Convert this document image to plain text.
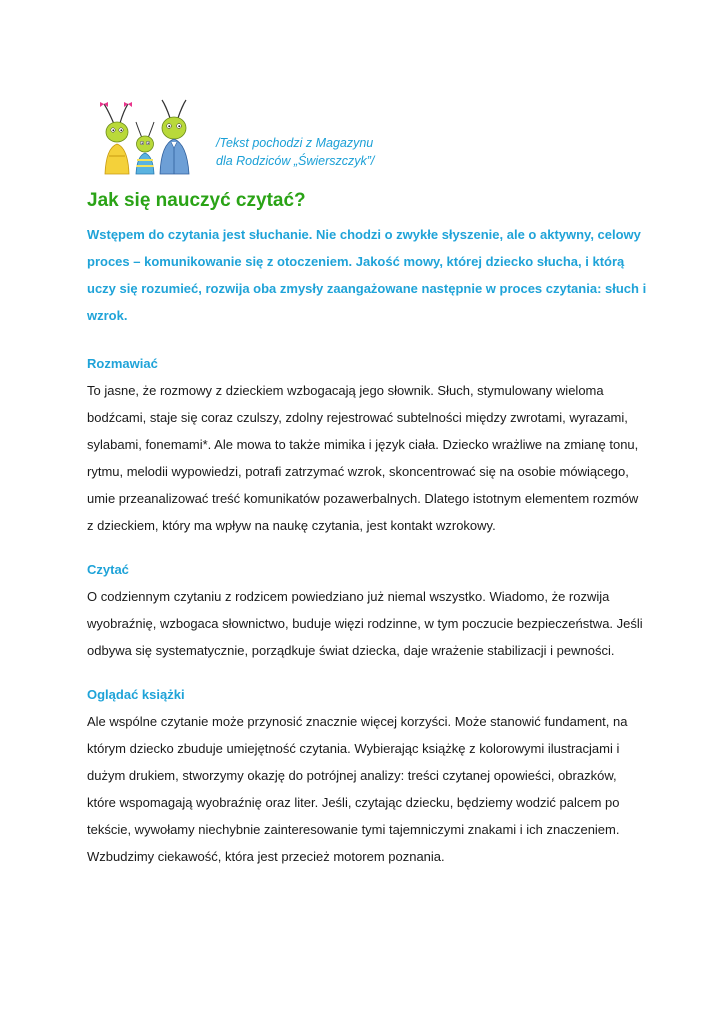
/Tekst pochodzi z Magazynu
dla Rodziców „Świerszczyk”/
Jak się nauczyć czytać?

Wstępem do czytania jest słuchanie. Nie chodzi o zwykłe słyszenie, ale o aktywny, celowy proces – komunikowanie się z otoczeniem. Jakość mowy, której dziecko słucha, i którą uczy się rozumieć, rozwija oba zmysły zaangażowane następnie w proces czytania: słuch i wzrok.

Rozmawiać

To jasne, że rozmowy z dzieckiem wzbogacają jego słownik. Słuch, stymulowany wieloma bodźcami, staje się coraz czulszy, zdolny rejestrować subtelności między zwrotami, wyrazami, sylabami, fonemami*. Ale mowa to także mimika i język ciała. Dziecko wrażliwe na zmianę tonu, rytmu, melodii wypowiedzi, potrafi zatrzymać wzrok, skoncentrować się na osobie mówiącego, umie przeanalizować treść komunikatów pozawerbalnych. Dlatego istotnym elementem rozmów z dzieckiem, który ma wpływ na naukę czytania, jest kontakt wzrokowy.

Czytać

O codziennym czytaniu z rodzicem powiedziano już niemal wszystko. Wiadomo, że rozwija wyobraźnię, wzbogaca słownictwo, buduje więzi rodzinne, w tym poczucie bezpieczeństwa. Jeśli odbywa się systematycznie, porządkuje świat dziecka, daje wrażenie stabilizacji i pewności.

Oglądać książki

Ale wspólne czytanie może przynosić znacznie więcej korzyści. Może stanowić fundament, na którym dziecko zbuduje umiejętność czytania. Wybierając książkę z kolorowymi ilustracjami i dużym drukiem, stworzymy okazję do potrójnej analizy: treści czytanej opowieści, obrazków, które wspomagają wyobraźnię oraz liter. Jeśli, czytając dziecku, będziemy wodzić palcem po tekście, wywołamy niechybnie zainteresowanie tymi tajemniczymi znakami i ich znaczeniem. Wzbudzimy ciekawość, która jest przecież motorem poznania.
